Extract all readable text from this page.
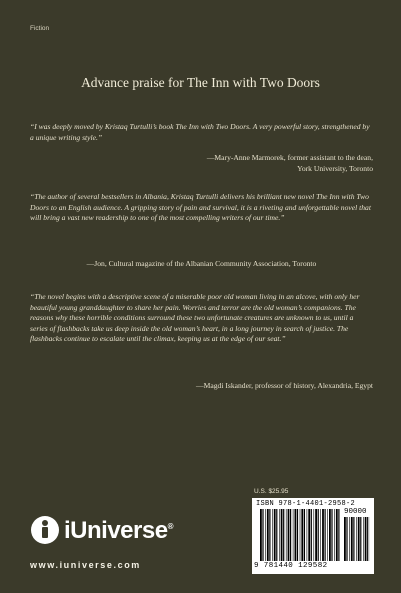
Fiction
Advance praise for The Inn with Two Doors

“I was deeply moved by Kristaq Turtulli’s book The Inn with Two Doors. A very powerful story, strengthened by a unique writing style.”

—Mary-Anne Marmorek, former assistant to the dean,
York University, Toronto

“The author of several bestsellers in Albania, Kristaq Turtulli delivers his brilliant new novel The Inn with Two Doors to an English audience. A gripping story of pain and survival, it is a riveting and unforgettable novel that will bring a vast new readership to one of the most compelling writers of our time.”

—Jon, Cultural magazine of the Albanian Community Association, Toronto

“The novel begins with a descriptive scene of a miserable poor old woman living in an alcove, with only her beautiful young granddaughter to share her pain. Worries and terror are the old woman’s companions. The reasons why these horrible conditions surround these two unfortunate creatures are unknown to us, until a series of flashbacks take us deep inside the old woman’s heart, in a long journey in search of justice. The flashbacks continue to escalate until the climax, keeping us at the edge of our seat.”

—Magdi Iskander, professor of history, Alexandria, Egypt
iUniverse®
www.iuniverse.com
U.S. $25.95
ISBN 978-1-4401-2958-2
90000
9 781440 129582
